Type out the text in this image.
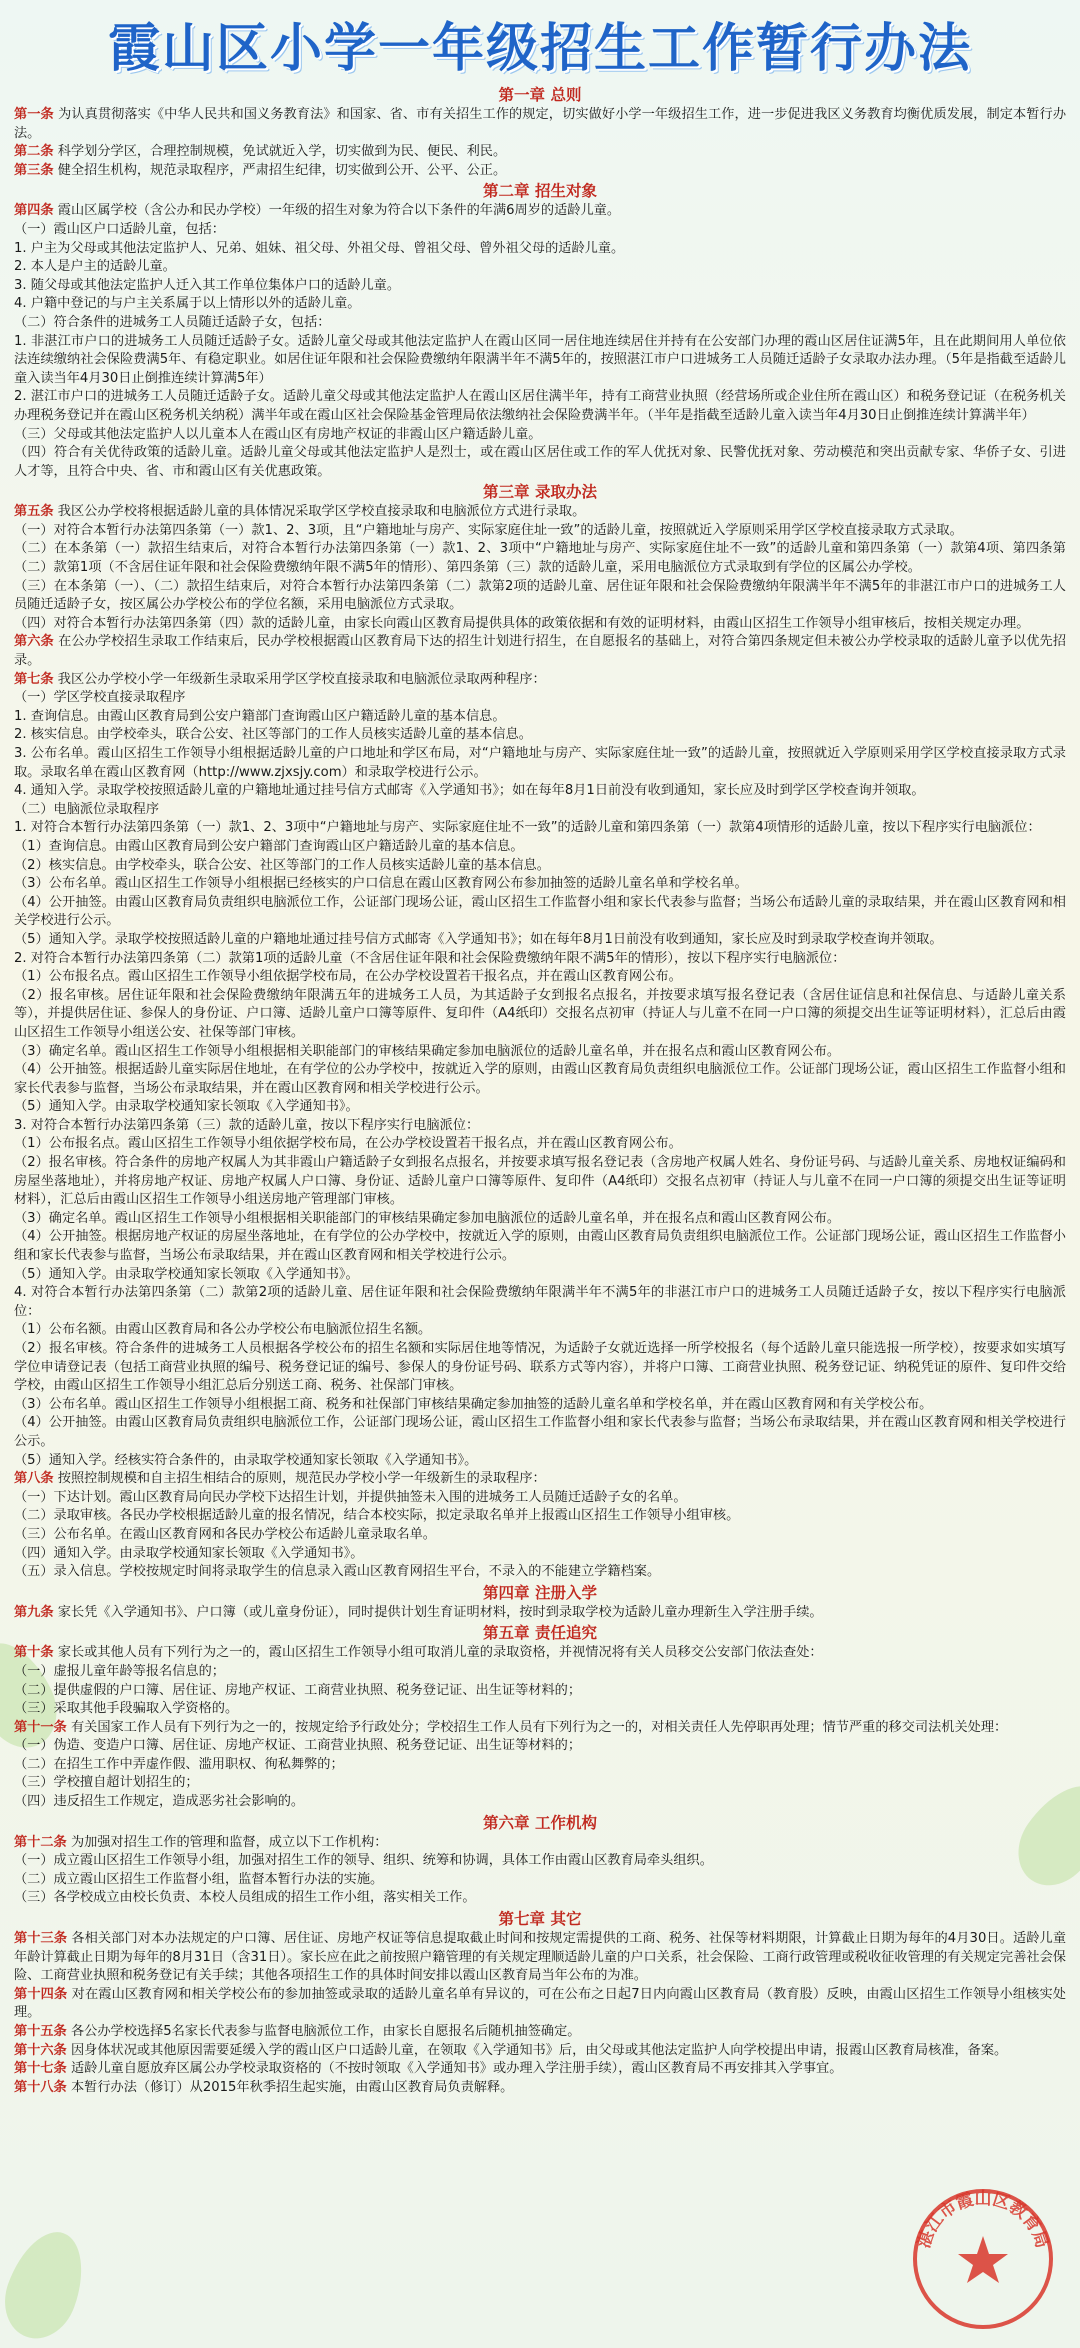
霞山区小学一年级招生工作暂行办法
第一章 总则

第一条 为认真贯彻落实《中华人民共和国义务教育法》和国家、省、市有关招生工作的规定，切实做好小学一年级招生工作，进一步促进我区义务教育均衡优质发展，制定本暂行办法。

第二条 科学划分学区，合理控制规模，免试就近入学，切实做到为民、便民、利民。

第三条 健全招生机构，规范录取程序，严肃招生纪律，切实做到公开、公平、公正。

第二章 招生对象

第四条 霞山区属学校（含公办和民办学校）一年级的招生对象为符合以下条件的年满6周岁的适龄儿童。

（一）霞山区户口适龄儿童，包括：

1. 户主为父母或其他法定监护人、兄弟、姐妹、祖父母、外祖父母、曾祖父母、曾外祖父母的适龄儿童。

2. 本人是户主的适龄儿童。

3. 随父母或其他法定监护人迁入其工作单位集体户口的适龄儿童。

4. 户籍中登记的与户主关系属于以上情形以外的适龄儿童。

（二）符合条件的进城务工人员随迁适龄子女，包括：

1. 非湛江市户口的进城务工人员随迁适龄子女。适龄儿童父母或其他法定监护人在霞山区同一居住地连续居住并持有在公安部门办理的霞山区居住证满5年，且在此期间用人单位依法连续缴纳社会保险费满5年、有稳定职业。如居住证年限和社会保险费缴纳年限满半年不满5年的，按照湛江市户口进城务工人员随迁适龄子女录取办法办理。（5年是指截至适龄儿童入读当年4月30日止倒推连续计算满5年）

2. 湛江市户口的进城务工人员随迁适龄子女。适龄儿童父母或其他法定监护人在霞山区居住满半年，持有工商营业执照（经营场所或企业住所在霞山区）和税务登记证（在税务机关办理税务登记并在霞山区税务机关纳税）满半年或在霞山区社会保险基金管理局依法缴纳社会保险费满半年。（半年是指截至适龄儿童入读当年4月30日止倒推连续计算满半年）

（三）父母或其他法定监护人以儿童本人在霞山区有房地产权证的非霞山区户籍适龄儿童。

（四）符合有关优待政策的适龄儿童。适龄儿童父母或其他法定监护人是烈士，或在霞山区居住或工作的军人优抚对象、民警优抚对象、劳动模范和突出贡献专家、华侨子女、引进人才等，且符合中央、省、市和霞山区有关优惠政策。

第三章 录取办法

第五条 我区公办学校将根据适龄儿童的具体情况采取学区学校直接录取和电脑派位方式进行录取。

（一）对符合本暂行办法第四条第（一）款1、2、3项，且“户籍地址与房产、实际家庭住址一致”的适龄儿童，按照就近入学原则采用学区学校直接录取方式录取。

（二）在本条第（一）款招生结束后，对符合本暂行办法第四条第（一）款1、2、3项中“户籍地址与房产、实际家庭住址不一致”的适龄儿童和第四条第（一）款第4项、第四条第（二）款第1项（不含居住证年限和社会保险费缴纳年限不满5年的情形）、第四条第（三）款的适龄儿童，采用电脑派位方式录取到有学位的区属公办学校。

（三）在本条第（一）、（二）款招生结束后，对符合本暂行办法第四条第（二）款第2项的适龄儿童、居住证年限和社会保险费缴纳年限满半年不满5年的非湛江市户口的进城务工人员随迁适龄子女，按区属公办学校公布的学位名额，采用电脑派位方式录取。

（四）对符合本暂行办法第四条第（四）款的适龄儿童，由家长向霞山区教育局提供具体的政策依据和有效的证明材料，由霞山区招生工作领导小组审核后，按相关规定办理。

第六条 在公办学校招生录取工作结束后，民办学校根据霞山区教育局下达的招生计划进行招生，在自愿报名的基础上，对符合第四条规定但未被公办学校录取的适龄儿童予以优先招录。

第七条 我区公办学校小学一年级新生录取采用学区学校直接录取和电脑派位录取两种程序：

（一）学区学校直接录取程序

1. 查询信息。由霞山区教育局到公安户籍部门查询霞山区户籍适龄儿童的基本信息。

2. 核实信息。由学校牵头，联合公安、社区等部门的工作人员核实适龄儿童的基本信息。

3. 公布名单。霞山区招生工作领导小组根据适龄儿童的户口地址和学区布局，对“户籍地址与房产、实际家庭住址一致”的适龄儿童，按照就近入学原则采用学区学校直接录取方式录取。录取名单在霞山区教育网（http://www.zjxsjy.com）和录取学校进行公示。

4. 通知入学。录取学校按照适龄儿童的户籍地址通过挂号信方式邮寄《入学通知书》；如在每年8月1日前没有收到通知，家长应及时到学区学校查询并领取。

（二）电脑派位录取程序

1. 对符合本暂行办法第四条第（一）款1、2、3项中“户籍地址与房产、实际家庭住址不一致”的适龄儿童和第四条第（一）款第4项情形的适龄儿童，按以下程序实行电脑派位：

（1）查询信息。由霞山区教育局到公安户籍部门查询霞山区户籍适龄儿童的基本信息。

（2）核实信息。由学校牵头，联合公安、社区等部门的工作人员核实适龄儿童的基本信息。

（3）公布名单。霞山区招生工作领导小组根据已经核实的户口信息在霞山区教育网公布参加抽签的适龄儿童名单和学校名单。

（4）公开抽签。由霞山区教育局负责组织电脑派位工作，公证部门现场公证，霞山区招生工作监督小组和家长代表参与监督；当场公布适龄儿童的录取结果，并在霞山区教育网和相关学校进行公示。

（5）通知入学。录取学校按照适龄儿童的户籍地址通过挂号信方式邮寄《入学通知书》；如在每年8月1日前没有收到通知，家长应及时到录取学校查询并领取。

2. 对符合本暂行办法第四条第（二）款第1项的适龄儿童（不含居住证年限和社会保险费缴纳年限不满5年的情形），按以下程序实行电脑派位：

（1）公布报名点。霞山区招生工作领导小组依据学校布局，在公办学校设置若干报名点，并在霞山区教育网公布。

（2）报名审核。居住证年限和社会保险费缴纳年限满五年的进城务工人员，为其适龄子女到报名点报名，并按要求填写报名登记表（含居住证信息和社保信息、与适龄儿童关系等），并提供居住证、参保人的身份证、户口簿、适龄儿童户口簿等原件、复印件（A4纸印）交报名点初审（持证人与儿童不在同一户口簿的须提交出生证等证明材料），汇总后由霞山区招生工作领导小组送公安、社保等部门审核。

（3）确定名单。霞山区招生工作领导小组根据相关职能部门的审核结果确定参加电脑派位的适龄儿童名单，并在报名点和霞山区教育网公布。

（4）公开抽签。根据适龄儿童实际居住地址，在有学位的公办学校中，按就近入学的原则，由霞山区教育局负责组织电脑派位工作。公证部门现场公证，霞山区招生工作监督小组和家长代表参与监督，当场公布录取结果，并在霞山区教育网和相关学校进行公示。

（5）通知入学。由录取学校通知家长领取《入学通知书》。

3. 对符合本暂行办法第四条第（三）款的适龄儿童，按以下程序实行电脑派位：

（1）公布报名点。霞山区招生工作领导小组依据学校布局，在公办学校设置若干报名点，并在霞山区教育网公布。

（2）报名审核。符合条件的房地产权属人为其非霞山户籍适龄子女到报名点报名，并按要求填写报名登记表（含房地产权属人姓名、身份证号码、与适龄儿童关系、房地权证编码和房屋坐落地址），并将房地产权证、房地产权属人户口簿、身份证、适龄儿童户口簿等原件、复印件（A4纸印）交报名点初审（持证人与儿童不在同一户口簿的须提交出生证等证明材料），汇总后由霞山区招生工作领导小组送房地产管理部门审核。

（3）确定名单。霞山区招生工作领导小组根据相关职能部门的审核结果确定参加电脑派位的适龄儿童名单，并在报名点和霞山区教育网公布。

（4）公开抽签。根据房地产权证的房屋坐落地址，在有学位的公办学校中，按就近入学的原则，由霞山区教育局负责组织电脑派位工作。公证部门现场公证，霞山区招生工作监督小组和家长代表参与监督，当场公布录取结果，并在霞山区教育网和相关学校进行公示。

（5）通知入学。由录取学校通知家长领取《入学通知书》。

4. 对符合本暂行办法第四条第（二）款第2项的适龄儿童、居住证年限和社会保险费缴纳年限满半年不满5年的非湛江市户口的进城务工人员随迁适龄子女，按以下程序实行电脑派位：

（1）公布名额。由霞山区教育局和各公办学校公布电脑派位招生名额。

（2）报名审核。符合条件的进城务工人员根据各学校公布的招生名额和实际居住地等情况，为适龄子女就近选择一所学校报名（每个适龄儿童只能选报一所学校），按要求如实填写学位申请登记表（包括工商营业执照的编号、税务登记证的编号、参保人的身份证号码、联系方式等内容），并将户口簿、工商营业执照、税务登记证、纳税凭证的原件、复印件交给学校，由霞山区招生工作领导小组汇总后分别送工商、税务、社保部门审核。

（3）公布名单。霞山区招生工作领导小组根据工商、税务和社保部门审核结果确定参加抽签的适龄儿童名单和学校名单，并在霞山区教育网和有关学校公布。

（4）公开抽签。由霞山区教育局负责组织电脑派位工作，公证部门现场公证，霞山区招生工作监督小组和家长代表参与监督；当场公布录取结果，并在霞山区教育网和相关学校进行公示。

（5）通知入学。经核实符合条件的，由录取学校通知家长领取《入学通知书》。

第八条 按照控制规模和自主招生相结合的原则，规范民办学校小学一年级新生的录取程序：

（一）下达计划。霞山区教育局向民办学校下达招生计划，并提供抽签未入围的进城务工人员随迁适龄子女的名单。

（二）录取审核。各民办学校根据适龄儿童的报名情况，结合本校实际，拟定录取名单并上报霞山区招生工作领导小组审核。

（三）公布名单。在霞山区教育网和各民办学校公布适龄儿童录取名单。

（四）通知入学。由录取学校通知家长领取《入学通知书》。

（五）录入信息。学校按规定时间将录取学生的信息录入霞山区教育网招生平台，不录入的不能建立学籍档案。

第四章 注册入学

第九条 家长凭《入学通知书》、户口簿（或儿童身份证），同时提供计划生育证明材料，按时到录取学校为适龄儿童办理新生入学注册手续。

第五章 责任追究

第十条 家长或其他人员有下列行为之一的，霞山区招生工作领导小组可取消儿童的录取资格，并视情况将有关人员移交公安部门依法查处：

（一）虚报儿童年龄等报名信息的；

（二）提供虚假的户口簿、居住证、房地产权证、工商营业执照、税务登记证、出生证等材料的；

（三）采取其他手段骗取入学资格的。

第十一条 有关国家工作人员有下列行为之一的，按规定给予行政处分；学校招生工作人员有下列行为之一的，对相关责任人先停职再处理；情节严重的移交司法机关处理：

（一）伪造、变造户口簿、居住证、房地产权证、工商营业执照、税务登记证、出生证等材料的；

（二）在招生工作中弄虚作假、滥用职权、徇私舞弊的；

（三）学校擅自超计划招生的；

（四）违反招生工作规定，造成恶劣社会影响的。

第六章 工作机构

第十二条 为加强对招生工作的管理和监督，成立以下工作机构：

（一）成立霞山区招生工作领导小组，加强对招生工作的领导、组织、统筹和协调，具体工作由霞山区教育局牵头组织。

（二）成立霞山区招生工作监督小组，监督本暂行办法的实施。

（三）各学校成立由校长负责、本校人员组成的招生工作小组，落实相关工作。

第七章 其它

第十三条 各相关部门对本办法规定的户口簿、居住证、房地产权证等信息提取截止时间和按规定需提供的工商、税务、社保等材料期限，计算截止日期为每年的4月30日。适龄儿童年龄计算截止日期为每年的8月31日（含31日）。家长应在此之前按照户籍管理的有关规定理顺适龄儿童的户口关系，社会保险、工商行政管理或税收征收管理的有关规定完善社会保险、工商营业执照和税务登记有关手续；其他各项招生工作的具体时间安排以霞山区教育局当年公布的为准。

第十四条 对在霞山区教育网和相关学校公布的参加抽签或录取的适龄儿童名单有异议的，可在公布之日起7日内向霞山区教育局（教育股）反映，由霞山区招生工作领导小组核实处理。

第十五条 各公办学校选择5名家长代表参与监督电脑派位工作，由家长自愿报名后随机抽签确定。

第十六条 因身体状况或其他原因需要延缓入学的霞山区户口适龄儿童，在领取《入学通知书》后，由父母或其他法定监护人向学校提出申请，报霞山区教育局核准，备案。

第十七条 适龄儿童自愿放弃区属公办学校录取资格的（不按时领取《入学通知书》或办理入学注册手续），霞山区教育局不再安排其入学事宜。

第十八条 本暂行办法（修订）从2015年秋季招生起实施，由霞山区教育局负责解释。

湛江市霞山区教育局
